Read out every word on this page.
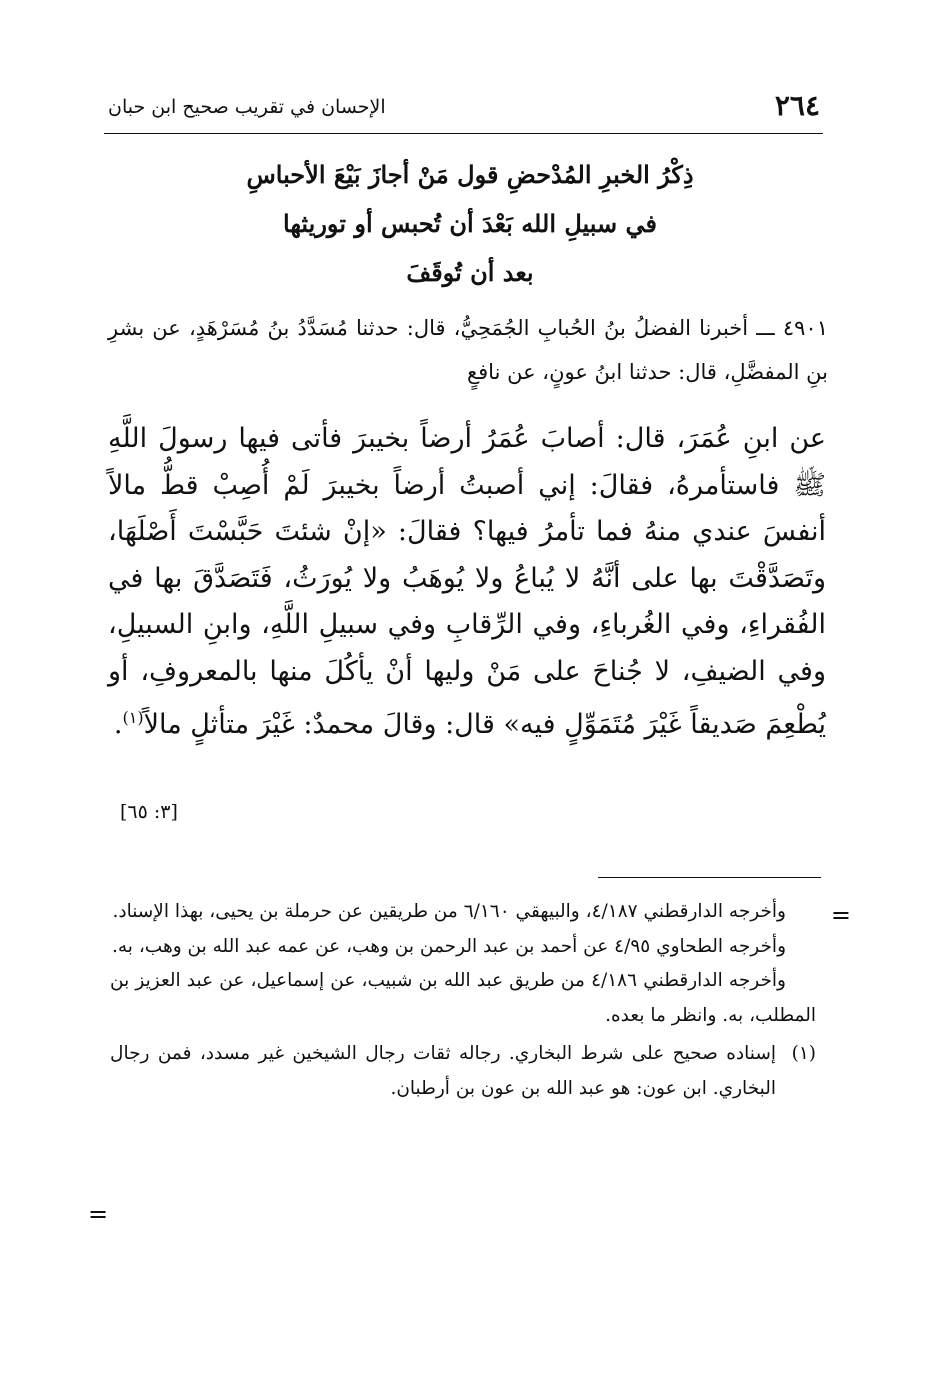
٢٦٤
الإحسان في تقريب صحيح ابن حبان
ذِكْرُ الخبرِ المُدْحضِ قول مَنْ أجازَ بَيْعَ الأحباسِ
في سبيلِ الله بَعْدَ أن تُحبس أو توريثها
بعد أن تُوقَفَ
٤٩٠١ ـــ أخبرنا الفضلُ بنُ الحُبابِ الجُمَحِيُّ، قال: حدثنا مُسَدَّدُ بنُ مُسَرْهَدٍ، عن بشرِ بنِ المفضَّلِ، قال: حدثنا ابنُ عونٍ، عن نافعٍ
عن ابنِ عُمَرَ، قال: أصابَ عُمَرُ أرضاً بخيبرَ فأتى فيها رسولَ اللَّهِ ﷺ فاستأمرهُ، فقالَ: إني أصبتُ أرضاً بخيبرَ لَمْ أُصِبْ قطُّ مالاً أنفسَ عندي منهُ فما تأمرُ فيها؟ فقالَ: «إنْ شئتَ حَبَّسْتَ أَصْلَهَا، وتَصَدَّقْتَ بها على أنَّهُ لا يُباعُ ولا يُوهَبُ ولا يُورَثُ، فَتَصَدَّقَ بها في الفُقراءِ، وفي الغُرباءِ، وفي الرِّقابِ وفي سبيلِ اللَّهِ، وابنِ السبيلِ، وفي الضيفِ، لا جُناحَ على مَنْ وليها أنْ يأكُلَ منها بالمعروفِ، أو يُطْعِمَ صَديقاً غَيْرَ مُتَمَوِّلٍ فيه» قال: وقالَ محمدٌ: غَيْرَ متأثلٍ مالاً$^{(١)}$.
[٣: ٦٥]
=

وأخرجه الدارقطني ٤/١٨٧، والبيهقي ٦/١٦٠ من طريقين عن حرملة بن يحيى، بهذا الإسناد.

وأخرجه الطحاوي ٤/٩٥ عن أحمد بن عبد الرحمن بن وهب، عن عمه عبد الله بن وهب، به.

وأخرجه الدارقطني ٤/١٨٦ من طريق عبد الله بن شبيب، عن إسماعيل، عن عبد العزيز بن المطلب، به. وانظر ما بعده.

(١)
إسناده صحيح على شرط البخاري. رجاله ثقات رجال الشيخين غير مسدد، فمن رجال البخاري. ابن عون: هو عبد الله بن عون بن أرطبان.
=
